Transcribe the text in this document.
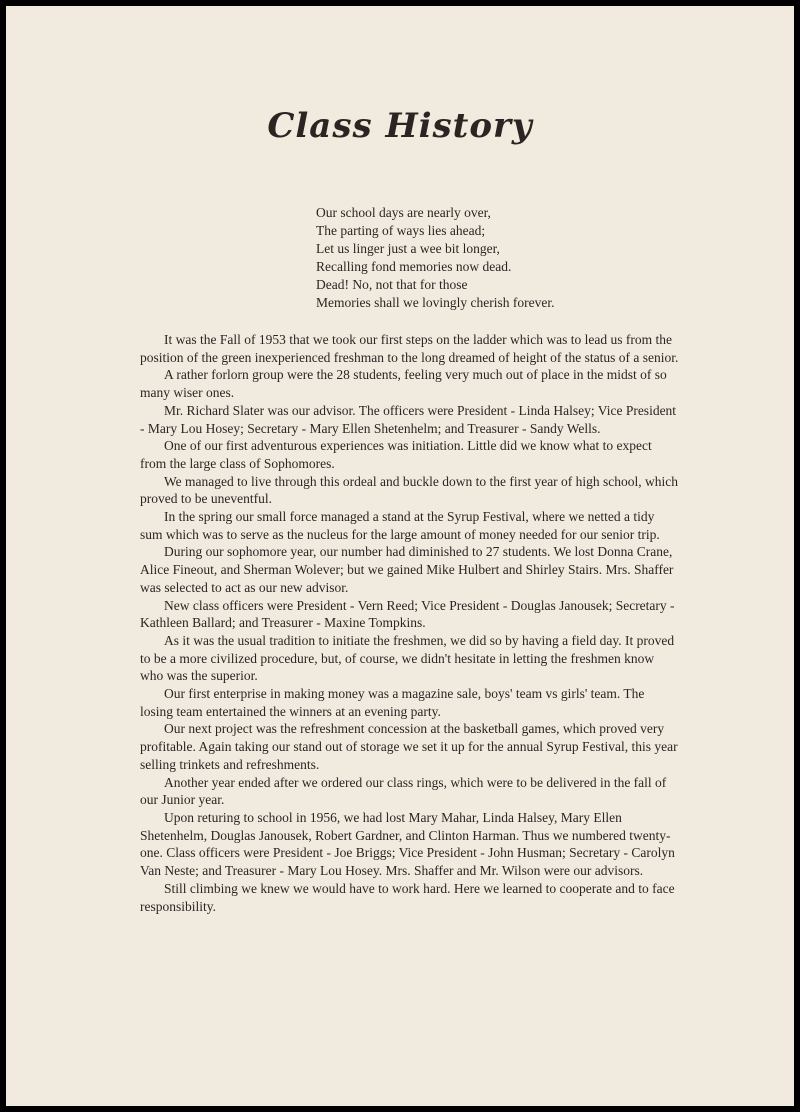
Class History
Our school days are nearly over,
The parting of ways lies ahead;
Let us linger just a wee bit longer,
Recalling fond memories now dead.
Dead! No, not that for those
Memories shall we lovingly cherish forever.

It was the Fall of 1953 that we took our first steps on the ladder which was to lead us from the position of the green inexperienced freshman to the long dreamed of height of the status of a senior.

A rather forlorn group were the 28 students, feeling very much out of place in the midst of so many wiser ones.

Mr. Richard Slater was our advisor. The officers were President - Linda Halsey; Vice President - Mary Lou Hosey; Secretary - Mary Ellen Shetenhelm; and Treasurer - Sandy Wells.

One of our first adventurous experiences was initiation. Little did we know what to expect from the large class of Sophomores.

We managed to live through this ordeal and buckle down to the first year of high school, which proved to be uneventful.

In the spring our small force managed a stand at the Syrup Festival, where we netted a tidy sum which was to serve as the nucleus for the large amount of money needed for our senior trip.

During our sophomore year, our number had diminished to 27 students. We lost Donna Crane, Alice Fineout, and Sherman Wolever; but we gained Mike Hulbert and Shirley Stairs. Mrs. Shaffer was selected to act as our new advisor.

New class officers were President - Vern Reed; Vice President - Douglas Janousek; Secretary - Kathleen Ballard; and Treasurer - Maxine Tompkins.

As it was the usual tradition to initiate the freshmen, we did so by having a field day. It proved to be a more civilized procedure, but, of course, we didn't hesitate in letting the freshmen know who was the superior.

Our first enterprise in making money was a magazine sale, boys' team vs girls' team. The losing team entertained the winners at an evening party.

Our next project was the refreshment concession at the basketball games, which proved very profitable. Again taking our stand out of storage we set it up for the annual Syrup Festival, this year selling trinkets and refreshments.

Another year ended after we ordered our class rings, which were to be delivered in the fall of our Junior year.

Upon returing to school in 1956, we had lost Mary Mahar, Linda Halsey, Mary Ellen Shetenhelm, Douglas Janousek, Robert Gardner, and Clinton Harman. Thus we numbered twenty-one. Class officers were President - Joe Briggs; Vice President - John Husman; Secretary - Carolyn Van Neste; and Treasurer - Mary Lou Hosey. Mrs. Shaffer and Mr. Wilson were our advisors.

Still climbing we knew we would have to work hard. Here we learned to cooperate and to face responsibility.
